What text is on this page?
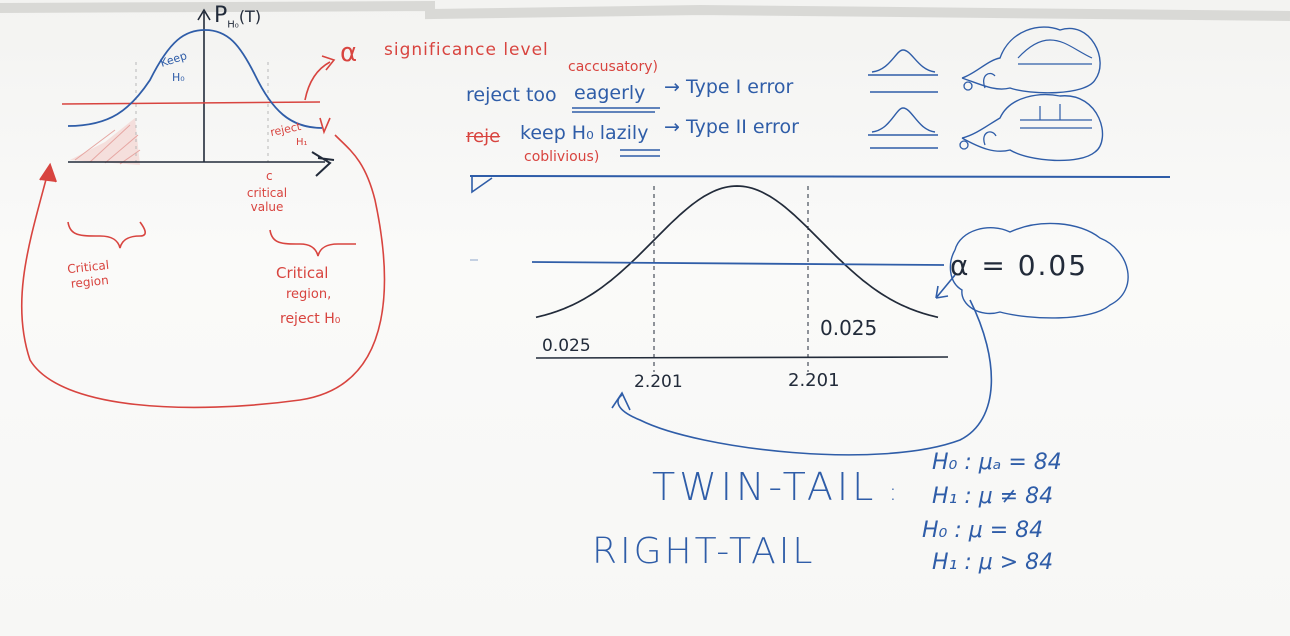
$P_{H_0}(T)$
Keep
H₀
reject
H₁
c
critical value
Critical region	Critical
region,
reject H₀
α significance level
caccusatory)
reject too eagerly → Type I error
reje keep H₀ lazily → Type II error
coblivious)
0.025
0.025
2.201	2.201
α = 0.05
TWIN-TAIL :
RIGHT-TAIL
H₀ : μₐ = 84
H₁ : μ ≠ 84
H₀ : μ = 84
H₁ : μ > 84
